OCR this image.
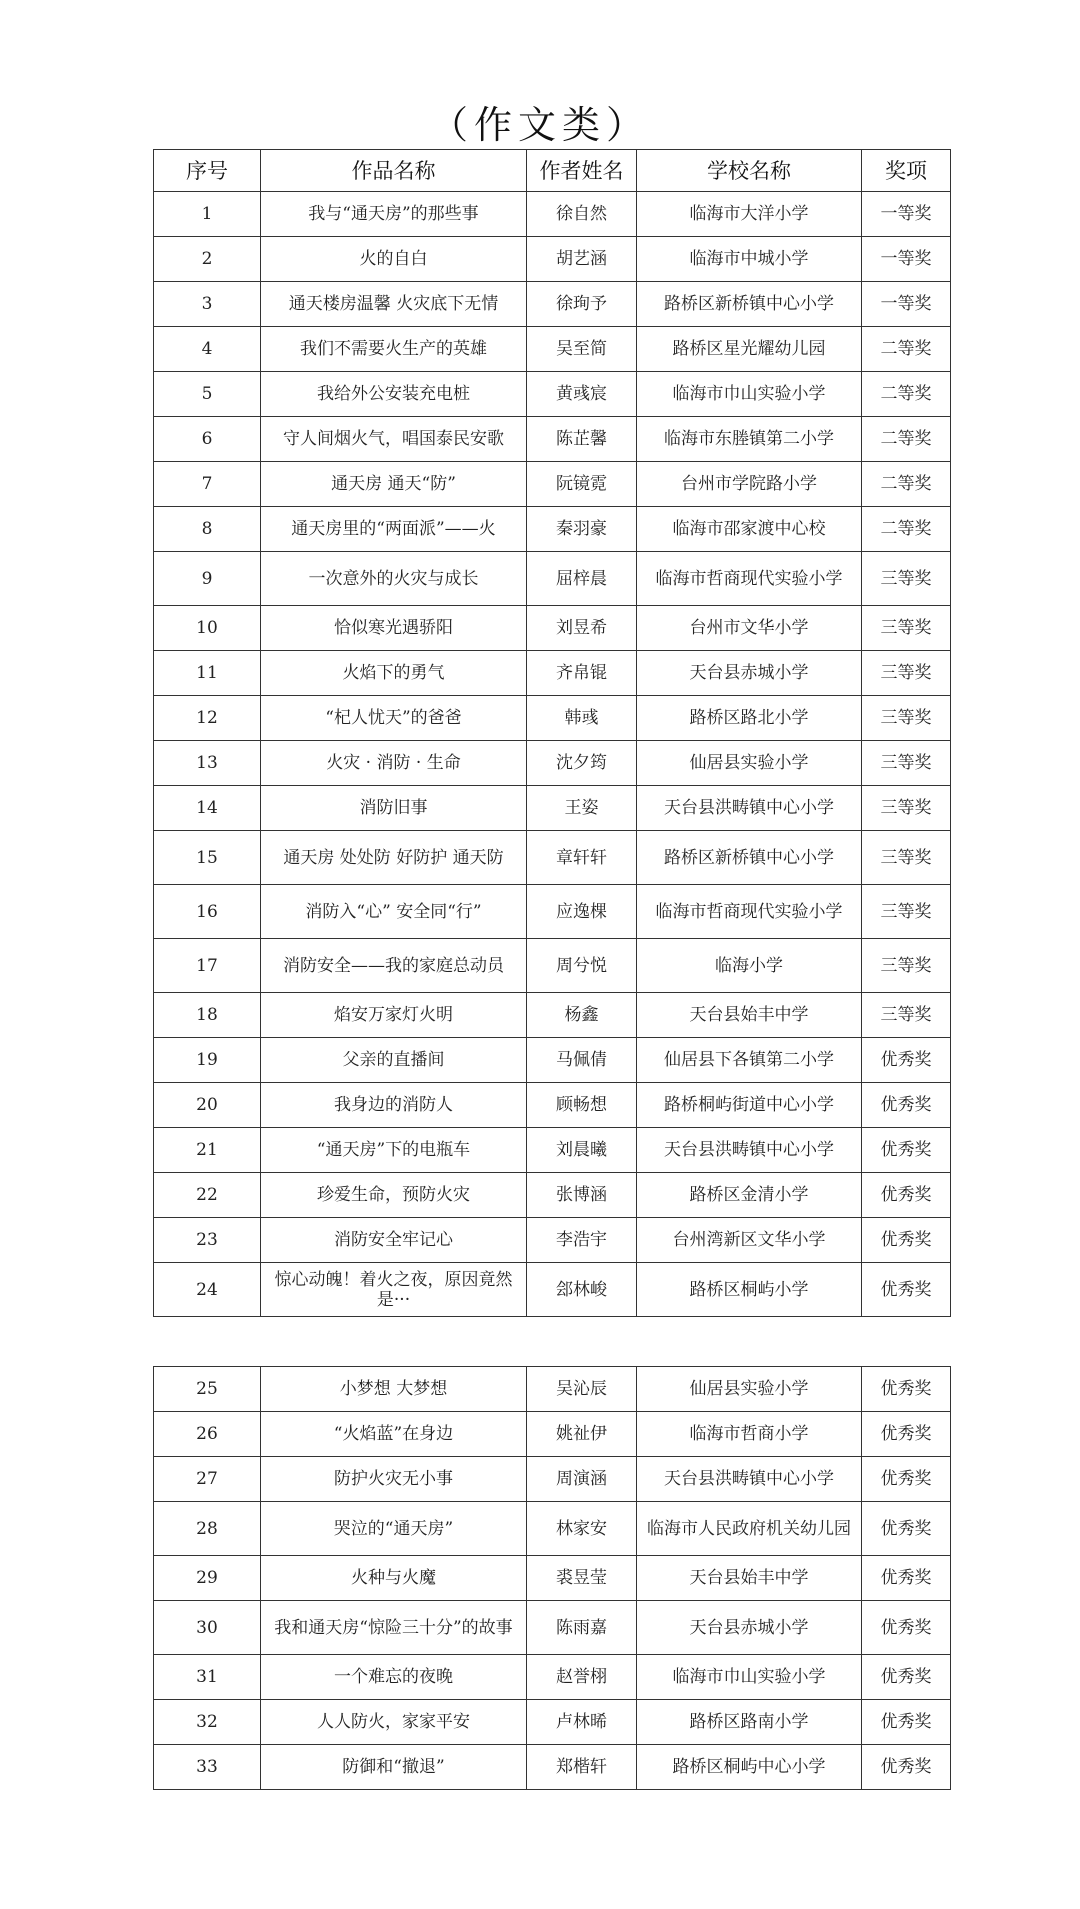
（作文类）
序号	作品名称	作者姓名	学校名称	奖项
1	我与“通天房”的那些事	徐自然	临海市大洋小学	一等奖
2	火的自白	胡艺涵	临海市中城小学	一等奖
3	通天楼房温馨 火灾底下无情	徐珣予	路桥区新桥镇中心小学	一等奖
4	我们不需要火生产的英雄	吴至简	路桥区星光耀幼儿园	二等奖
5	我给外公安装充电桩	黄彧宸	临海市巾山实验小学	二等奖
6	守人间烟火气，唱国泰民安歌	陈芷馨	临海市东塍镇第二小学	二等奖
7	通天房 通天“防”	阮镜霓	台州市学院路小学	二等奖
8	通天房里的“两面派”——火	秦羽豪	临海市邵家渡中心校	二等奖
9	一次意外的火灾与成长	屈梓晨	临海市哲商现代实验小学	三等奖
10	恰似寒光遇骄阳	刘昱希	台州市文华小学	三等奖
11	火焰下的勇气	齐帛锟	天台县赤城小学	三等奖
12	“杞人忧天”的爸爸	韩彧	路桥区路北小学	三等奖
13	火灾 · 消防 · 生命	沈夕筠	仙居县实验小学	三等奖
14	消防旧事	王姿	天台县洪畴镇中心小学	三等奖
15	通天房 处处防 好防护 通天防	章轩轩	路桥区新桥镇中心小学	三等奖
16	消防入“心” 安全同“行”	应逸棵	临海市哲商现代实验小学	三等奖
17	消防安全——我的家庭总动员	周兮悦	临海小学	三等奖
18	焰安万家灯火明	杨鑫	天台县始丰中学	三等奖
19	父亲的直播间	马佩倩	仙居县下各镇第二小学	优秀奖
20	我身边的消防人	顾畅想	路桥桐屿街道中心小学	优秀奖
21	“通天房”下的电瓶车	刘晨曦	天台县洪畴镇中心小学	优秀奖
22	珍爱生命，预防火灾	张博涵	路桥区金清小学	优秀奖
23	消防安全牢记心	李浩宇	台州湾新区文华小学	优秀奖
24	惊心动魄！着火之夜，原因竟然是···	郐林峻	路桥区桐屿小学	优秀奖
25	小梦想 大梦想	吴沁辰	仙居县实验小学	优秀奖
26	“火焰蓝”在身边	姚祉伊	临海市哲商小学	优秀奖
27	防护火灾无小事	周演涵	天台县洪畴镇中心小学	优秀奖
28	哭泣的“通天房”	林家安	临海市人民政府机关幼儿园	优秀奖
29	火种与火魔	裘昱莹	天台县始丰中学	优秀奖
30	我和通天房“惊险三十分”的故事	陈雨嘉	天台县赤城小学	优秀奖
31	一个难忘的夜晚	赵誉栩	临海市巾山实验小学	优秀奖
32	人人防火，家家平安	卢林晞	路桥区路南小学	优秀奖
33	防御和“撤退”	郑楷轩	路桥区桐屿中心小学	优秀奖
